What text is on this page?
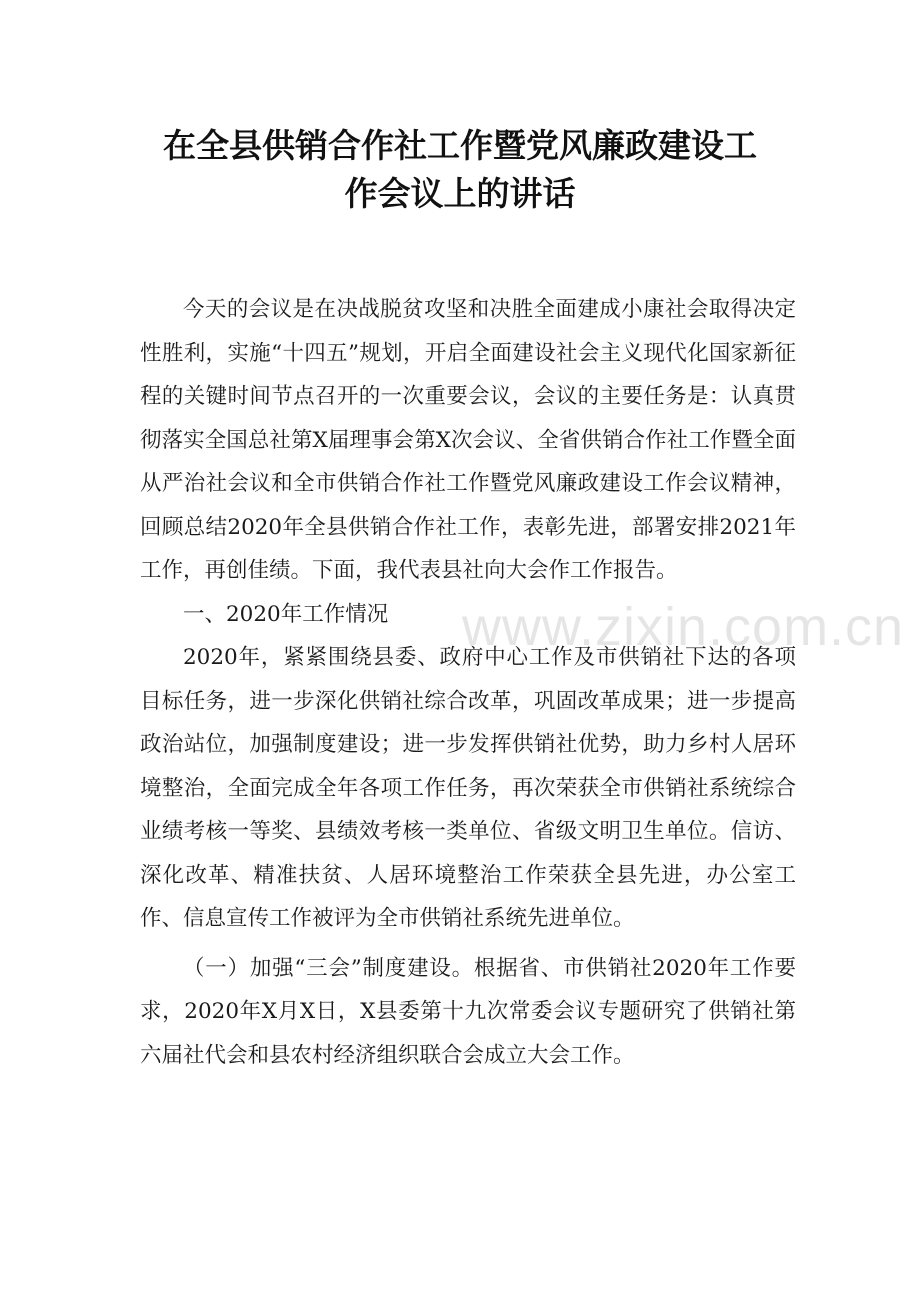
在全县供销合作社工作暨党风廉政建设工
作会议上的讲话

今天的会议是在决战脱贫攻坚和决胜全面建成小康社会取得决定性胜利，实施“十四五”规划，开启全面建设社会主义现代化国家新征程的关键时间节点召开的一次重要会议，会议的主要任务是：认真贯彻落实全国总社第X届理事会第X次会议、全省供销合作社工作暨全面从严治社会议和全市供销合作社工作暨党风廉政建设工作会议精神，回顾总结2020年全县供销合作社工作，表彰先进，部署安排2021年工作，再创佳绩。下面，我代表县社向大会作工作报告。

一、2020年工作情况

2020年，紧紧围绕县委、政府中心工作及市供销社下达的各项目标任务，进一步深化供销社综合改革，巩固改革成果；进一步提高政治站位，加强制度建设；进一步发挥供销社优势，助力乡村人居环境整治，全面完成全年各项工作任务，再次荣获全市供销社系统综合业绩考核一等奖、县绩效考核一类单位、省级文明卫生单位。信访、深化改革、精准扶贫、人居环境整治工作荣获全县先进，办公室工作、信息宣传工作被评为全市供销社系统先进单位。

（一）加强“三会”制度建设。根据省、市供销社2020年工作要求，2020年X月X日，X县委第十九次常委会议专题研究了供销社第六届社代会和县农村经济组织联合会成立大会工作。

www.zixin.com.cn
